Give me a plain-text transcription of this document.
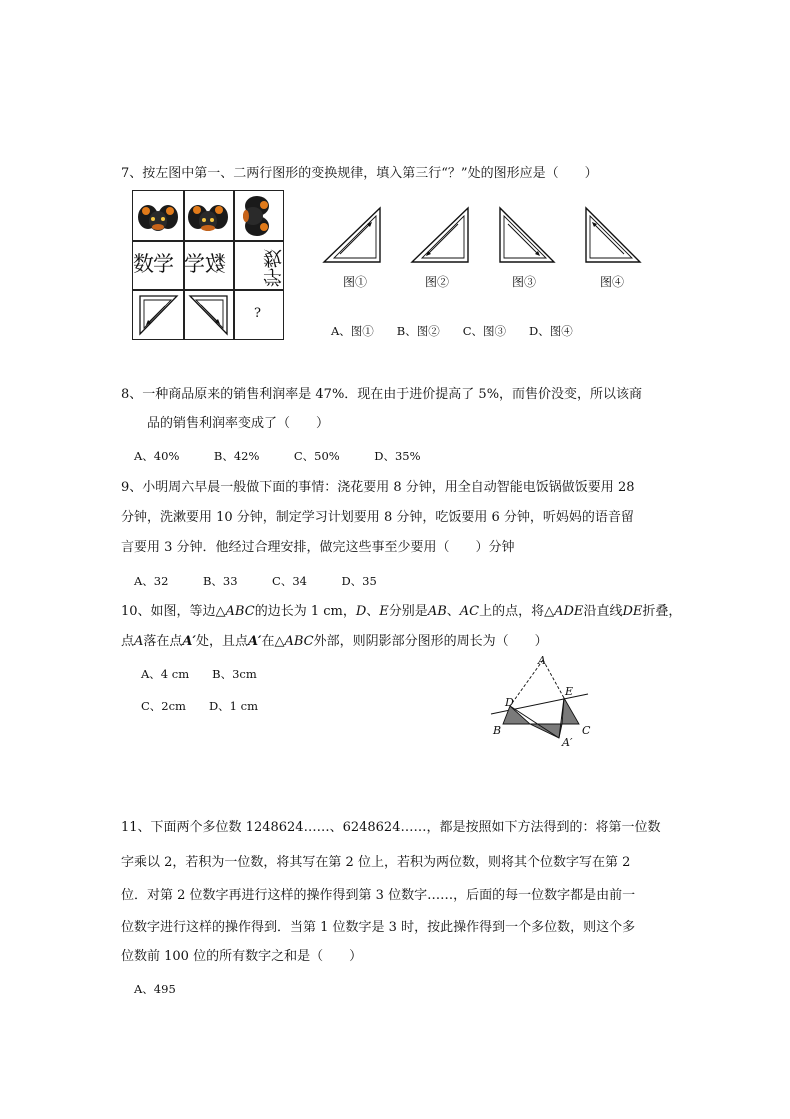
7、按左图中第一、二两行图形的变换规律，填入第三行“？”处的图形应是（　　）
数学 学 数	学数
?
图①	图②	图③	图④
A、图①　　B、图②　　C、图③　　D、图④
8、一种商品原来的销售利润率是 47%．现在由于进价提高了 5%，而售价没变，所以该商
品的销售利润率变成了（　　）
A、40%　　　B、42%　　　C、50%　　　D、35%
9、小明周六早晨一般做下面的事情：浇花要用 8 分钟，用全自动智能电饭锅做饭要用 28
分钟，洗漱要用 10 分钟，制定学习计划要用 8 分钟，吃饭要用 6 分钟，听妈妈的语音留
言要用 3 分钟．他经过合理安排，做完这些事至少要用（　　）分钟
A、32　　　B、33　　　C、34　　　D、35
10、如图，等边△ABC的边长为 1 cm，D、E分别是AB、AC上的点，将△ADE沿直线DE折叠，
点A落在点A′处，且点A′在△ABC外部，则阴影部分图形的周长为（　　）
A、4 cm　　B、3cm
C、2cm　　D、1 cm
A
D
E
B	C
A′
11、下面两个多位数 1248624……、6248624……，都是按照如下方法得到的：将第一位数
字乘以 2，若积为一位数，将其写在第 2 位上，若积为两位数，则将其个位数字写在第 2
位．对第 2 位数字再进行这样的操作得到第 3 位数字……，后面的每一位数字都是由前一
位数字进行这样的操作得到．当第 1 位数字是 3 时，按此操作得到一个多位数，则这个多
位数前 100 位的所有数字之和是（　　）
A、495
